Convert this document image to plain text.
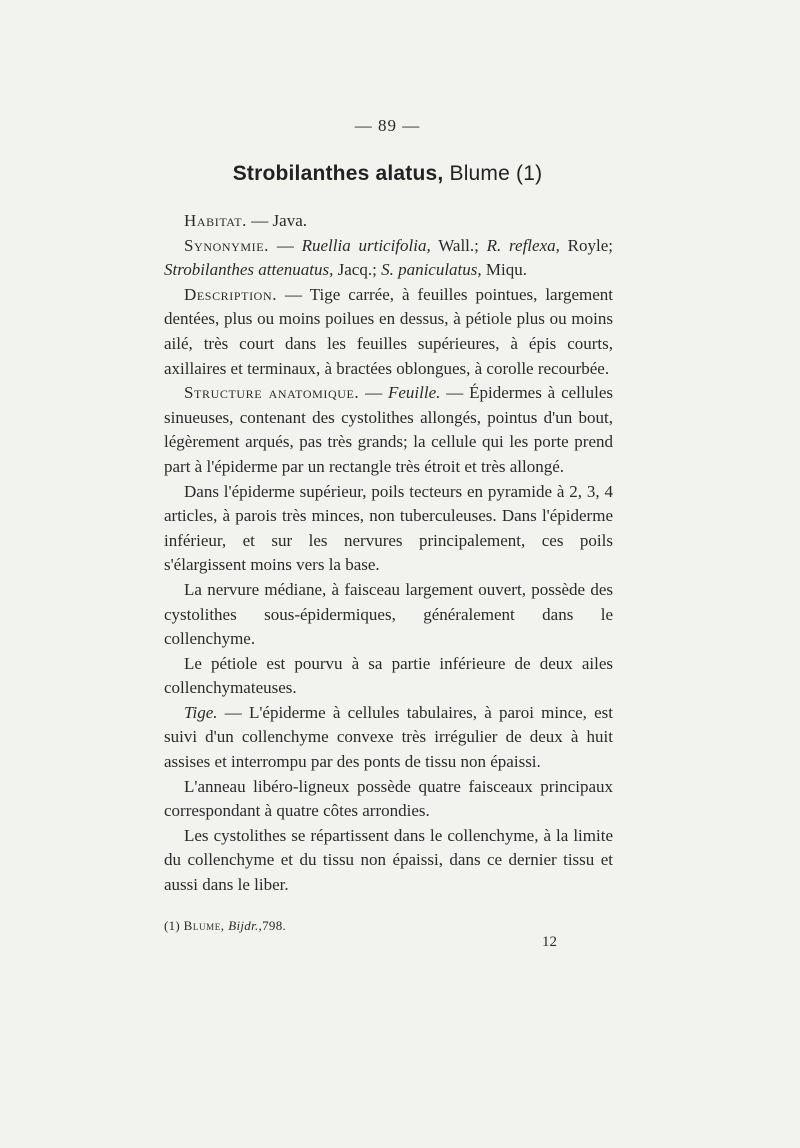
— 89 —
Strobilanthes alatus, Blume (1)

Habitat. — Java.

Synonymie. — Ruellia urticifolia, Wall.; R. reflexa, Royle; Strobilanthes attenuatus, Jacq.; S. paniculatus, Miqu.

Description. — Tige carrée, à feuilles pointues, largement dentées, plus ou moins poilues en dessus, à pétiole plus ou moins ailé, très court dans les feuilles supérieures, à épis courts, axillaires et terminaux, à bractées oblongues, à corolle recourbée.

Structure anatomique. — Feuille. — Épidermes à cellules sinueuses, contenant des cystolithes allongés, pointus d'un bout, légèrement arqués, pas très grands; la cellule qui les porte prend part à l'épiderme par un rectangle très étroit et très allongé.

Dans l'épiderme supérieur, poils tecteurs en pyramide à 2, 3, 4 articles, à parois très minces, non tuberculeuses. Dans l'épiderme inférieur, et sur les nervures principalement, ces poils s'élargissent moins vers la base.

La nervure médiane, à faisceau largement ouvert, possède des cystolithes sous-épidermiques, généralement dans le collenchyme.

Le pétiole est pourvu à sa partie inférieure de deux ailes collenchymateuses.

Tige. — L'épiderme à cellules tabulaires, à paroi mince, est suivi d'un collenchyme convexe très irrégulier de deux à huit assises et interrompu par des ponts de tissu non épaissi.

L'anneau libéro-ligneux possède quatre faisceaux principaux correspondant à quatre côtes arrondies.

Les cystolithes se répartissent dans le collenchyme, à la limite du collenchyme et du tissu non épaissi, dans ce dernier tissu et aussi dans le liber.

(1) Blume, Bijdr.,798.
12
